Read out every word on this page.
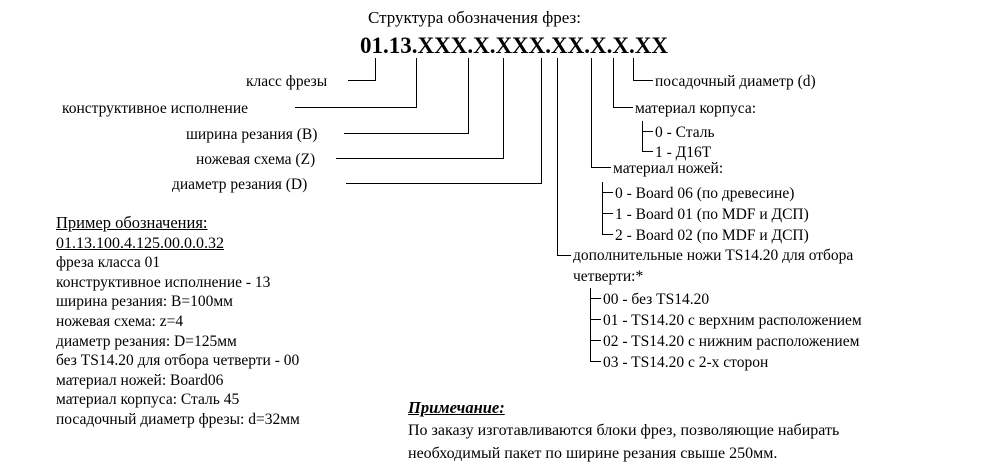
Структура обозначения фрез:
01.13.XXX.X.XXX.XX.X.X.XX
класс фрезы
конструктивное исполнение
ширина резания (B)
ножевая схема (Z)
диаметр резания (D)
посадочный диаметр (d)
материал корпуса:
0 - Сталь
1 - Д16Т
материал ножей:
0 - Board 06 (по древесине)
1 - Board 01 (по MDF и ДСП)
2 - Board 02 (по MDF и ДСП)
дополнительные ножи TS14.20 для отбора
четверти:*
00 - без TS14.20
01 - TS14.20 с верхним расположением
02 - TS14.20 с нижним расположением
03 - TS14.20 с 2-х сторон
Пример обозначения:
01.13.100.4.125.00.0.0.32
фреза класса 01
конструктивное исполнение - 13
ширина резания: B=100мм
ножевая схема: z=4
диаметр резания: D=125мм
без TS14.20 для отбора четверти - 00
материал ножей: Board06
материал корпуса: Сталь 45
посадочный диаметр фрезы: d=32мм
Примечание:
По заказу изготавливаются блоки фрез, позволяющие набирать
необходимый пакет по ширине резания свыше 250мм.
